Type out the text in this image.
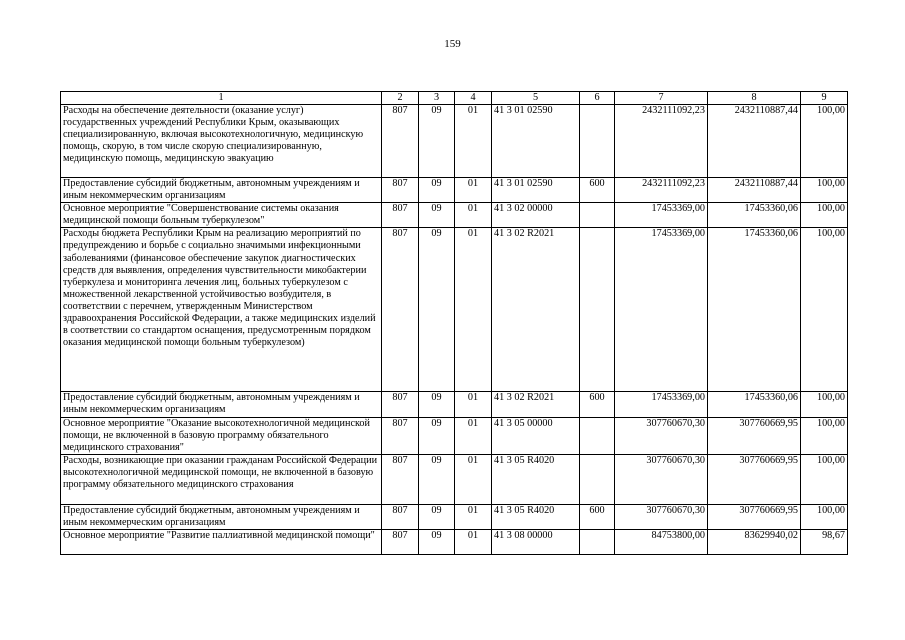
159
1	2	3	4	5	6	7	8	9
Расходы на обеспечение деятельности (оказание услуг) государственных учреждений Республики Крым, оказывающих специализированную, включая высокотехнологичную, медицинскую помощь, скорую, в том числе скорую специализированную, медицинскую помощь, медицинскую эвакуацию	807	09	01	41 3 01 02590		2432111092,23	2432110887,44	100,00
Предоставление субсидий бюджетным, автономным учреждениям и иным некоммерческим организациям	807	09	01	41 3 01 02590	600	2432111092,23	2432110887,44	100,00
Основное мероприятие "Совершенствование системы оказания медицинской помощи больным туберкулезом"	807	09	01	41 3 02 00000		17453369,00	17453360,06	100,00
Расходы бюджета Республики Крым на реализацию мероприятий по предупреждению и борьбе с социально значимыми инфекционными заболеваниями (финансовое обеспечение закупок диагностических средств для выявления, определения чувствительности микобактерии туберкулеза и мониторинга лечения лиц, больных туберкулезом с множественной лекарственной устойчивостью возбудителя, в соответствии с перечнем, утвержденным Министерством здравоохранения Российской Федерации, а также медицинских изделий в соответствии со стандартом оснащения, предусмотренным порядком оказания медицинской помощи больным туберкулезом)	807	09	01	41 3 02 R2021		17453369,00	17453360,06	100,00
Предоставление субсидий бюджетным, автономным учреждениям и иным некоммерческим организациям	807	09	01	41 3 02 R2021	600	17453369,00	17453360,06	100,00
Основное мероприятие "Оказание высокотехнологичной медицинской помощи, не включенной в базовую программу обязательного медицинского страхования"	807	09	01	41 3 05 00000		307760670,30	307760669,95	100,00
Расходы, возникающие при оказании гражданам Российской Федерации высокотехнологичной медицинской помощи, не включенной в базовую программу обязательного медицинского страхования	807	09	01	41 3 05 R4020		307760670,30	307760669,95	100,00
Предоставление субсидий бюджетным, автономным учреждениям и иным некоммерческим организациям	807	09	01	41 3 05 R4020	600	307760670,30	307760669,95	100,00
Основное мероприятие "Развитие паллиативной медицинской помощи"	807	09	01	41 3 08 00000		84753800,00	83629940,02	98,67
